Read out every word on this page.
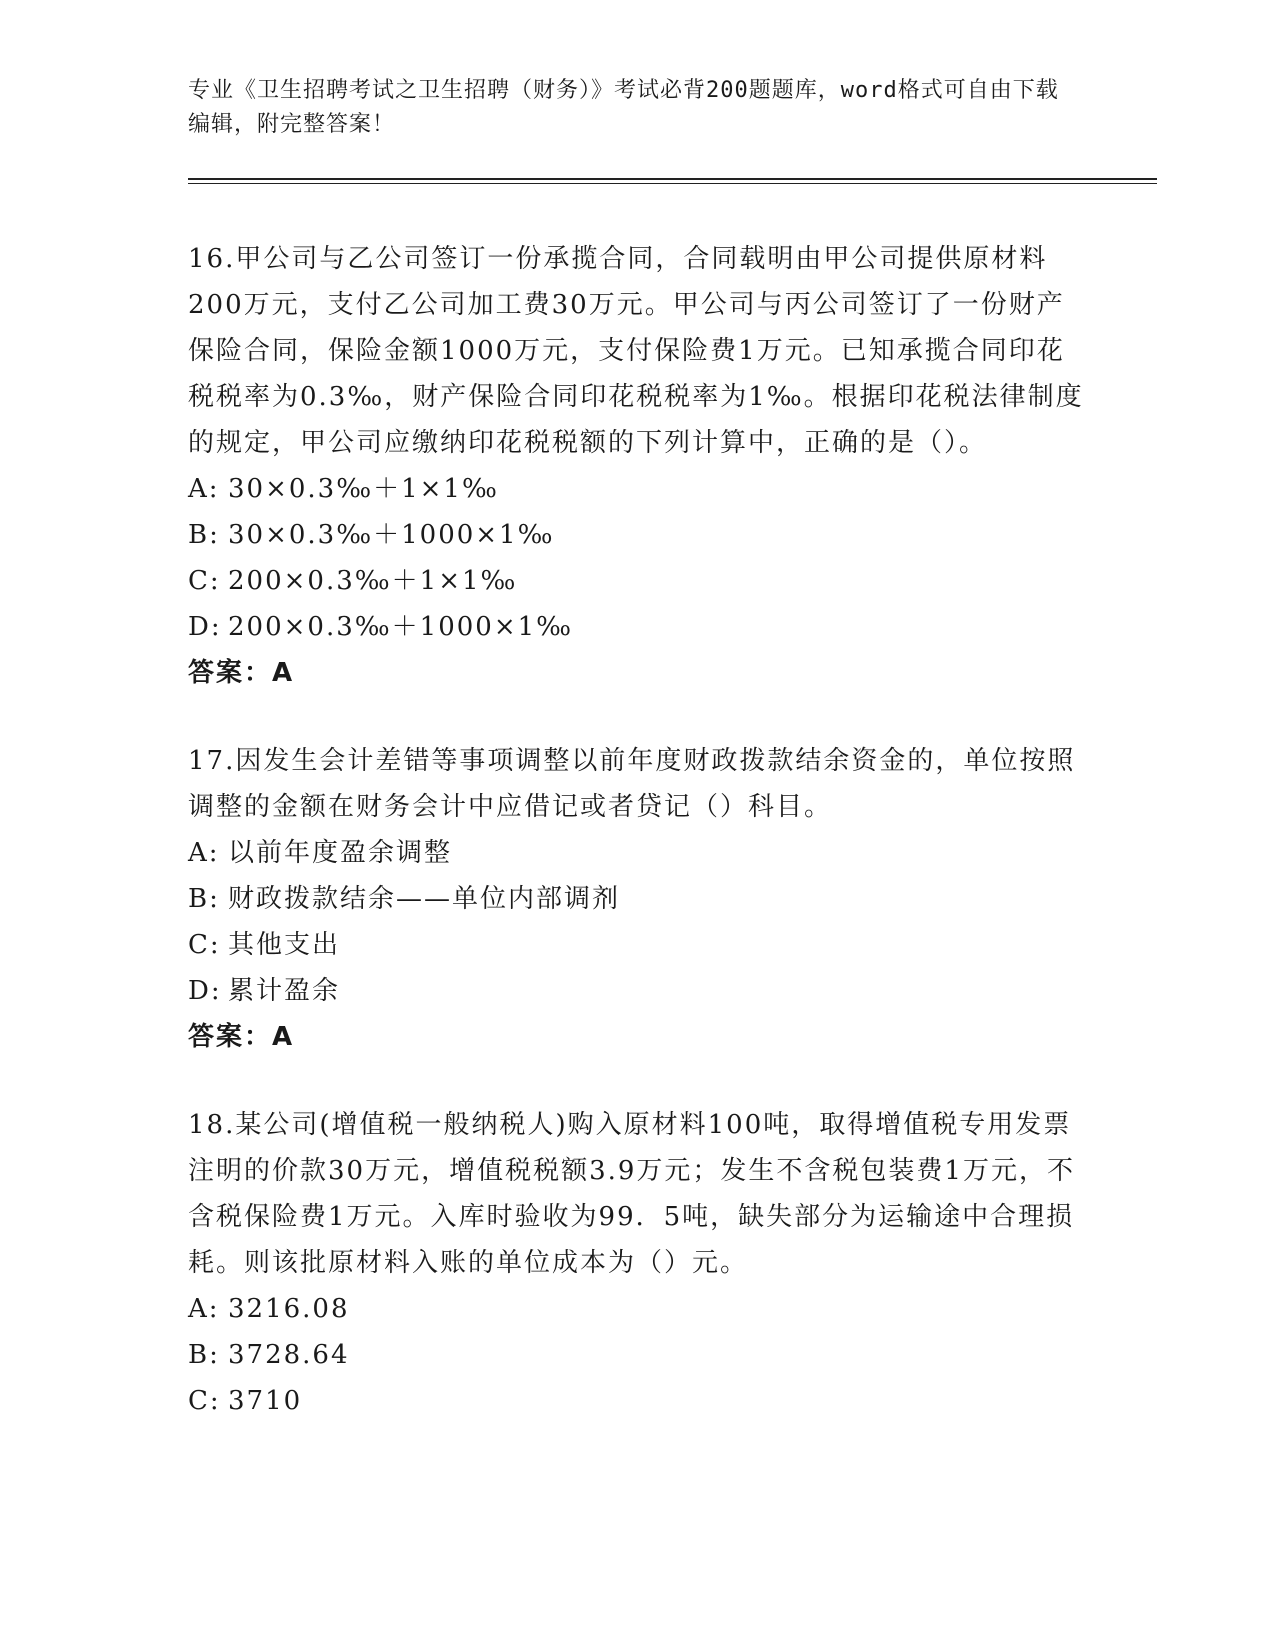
专业《卫生招聘考试之卫生招聘（财务）》考试必背200题题库，word格式可自由下载编辑，附完整答案！

16.甲公司与乙公司签订一份承揽合同，合同载明由甲公司提供原材料200万元，支付乙公司加工费30万元。甲公司与丙公司签订了一份财产保险合同，保险金额1000万元，支付保险费1万元。已知承揽合同印花税税率为0.3‰，财产保险合同印花税税率为1‰。根据印花税法律制度的规定，甲公司应缴纳印花税税额的下列计算中，正确的是（）。

A: 30×0.3‰＋1×1‰

B: 30×0.3‰＋1000×1‰

C: 200×0.3‰＋1×1‰

D: 200×0.3‰＋1000×1‰

答案：A

17.因发生会计差错等事项调整以前年度财政拨款结余资金的，单位按照调整的金额在财务会计中应借记或者贷记（）科目。

A: 以前年度盈余调整

B: 财政拨款结余——单位内部调剂

C: 其他支出

D: 累计盈余

答案：A

18.某公司(增值税一般纳税人)购入原材料100吨，取得增值税专用发票注明的价款30万元，增值税税额3.9万元；发生不含税包装费1万元，不含税保险费1万元。入库时验收为99．5吨，缺失部分为运输途中合理损耗。则该批原材料入账的单位成本为（）元。

A: 3216.08

B: 3728.64

C: 3710
